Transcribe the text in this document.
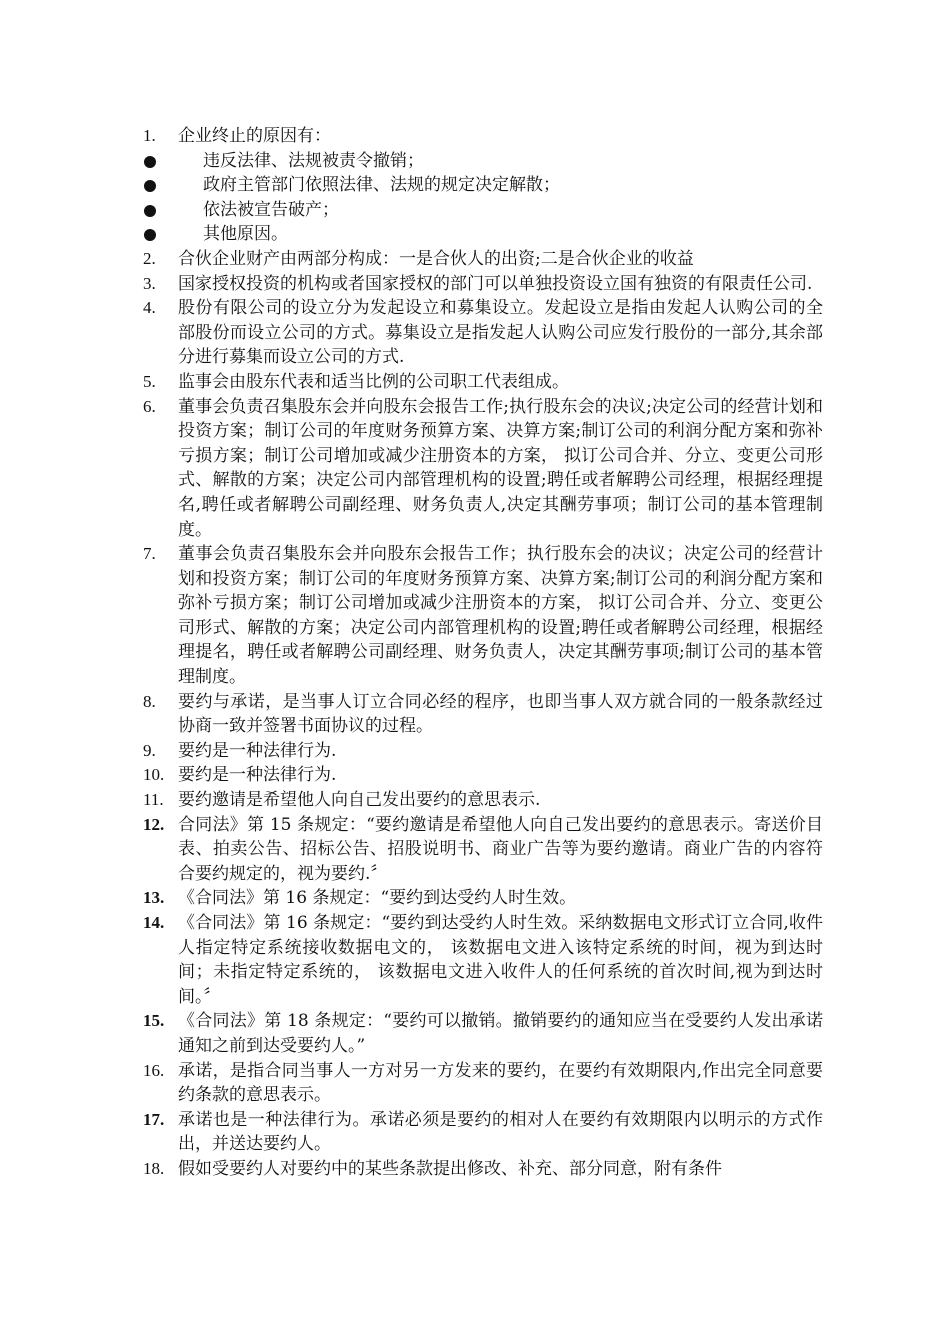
1.	企业终止的原因有：
违反法律、法规被责令撤销；
政府主管部门依照法律、法规的规定决定解散；
依法被宣告破产；
其他原因。
2.	合伙企业财产由两部分构成：一是合伙人的出资;二是合伙企业的收益
3.	国家授权投资的机构或者国家授权的部门可以单独投资设立国有独资的有限责任公司.
4.	股份有限公司的设立分为发起设立和募集设立。发起设立是指由发起人认购公司的全部股份而设立公司的方式。募集设立是指发起人认购公司应发行股份的一部分,其余部分进行募集而设立公司的方式.
5.	监事会由股东代表和适当比例的公司职工代表组成。
6.	董事会负责召集股东会并向股东会报告工作;执行股东会的决议;决定公司的经营计划和投资方案；制订公司的年度财务预算方案、决算方案;制订公司的利润分配方案和弥补亏损方案；制订公司增加或减少注册资本的方案， 拟订公司合并、分立、变更公司形式、解散的方案；决定公司内部管理机构的设置;聘任或者解聘公司经理，根据经理提名,聘任或者解聘公司副经理、财务负责人,决定其酬劳事项；制订公司的基本管理制度。
7.	董事会负责召集股东会并向股东会报告工作；执行股东会的决议；决定公司的经营计划和投资方案；制订公司的年度财务预算方案、决算方案;制订公司的利润分配方案和弥补亏损方案；制订公司增加或减少注册资本的方案， 拟订公司合并、分立、变更公司形式、解散的方案；决定公司内部管理机构的设置;聘任或者解聘公司经理，根据经理提名，聘任或者解聘公司副经理、财务负责人，决定其酬劳事项;制订公司的基本管理制度。
8.	要约与承诺，是当事人订立合同必经的程序，也即当事人双方就合同的一般条款经过协商一致并签署书面协议的过程。
9.	要约是一种法律行为.
10. 要约是一种法律行为.
11. 要约邀请是希望他人向自己发出要约的意思表示.
12. 合同法》第 15 条规定：“要约邀请是希望他人向自己发出要约的意思表示。寄送价目表、拍卖公告、招标公告、招股说明书、商业广告等为要约邀请。商业广告的内容符合要约规定的，视为要约.〞
13. 《合同法》第 16 条规定：“要约到达受约人时生效。
14. 《合同法》第 16 条规定：“要约到达受约人时生效。采纳数据电文形式订立合同,收件人指定特定系统接收数据电文的， 该数据电文进入该特定系统的时间，视为到达时间；未指定特定系统的， 该数据电文进入收件人的任何系统的首次时间,视为到达时间。〞
15. 《合同法》第 18 条规定：“要约可以撤销。撤销要约的通知应当在受要约人发出承诺通知之前到达受要约人。”
16. 承诺，是指合同当事人一方对另一方发来的要约，在要约有效期限内,作出完全同意要约条款的意思表示。
17. 承诺也是一种法律行为。承诺必须是要约的相对人在要约有效期限内以明示的方式作出，并送达要约人。
18. 假如受要约人对要约中的某些条款提出修改、补充、部分同意，附有条件
